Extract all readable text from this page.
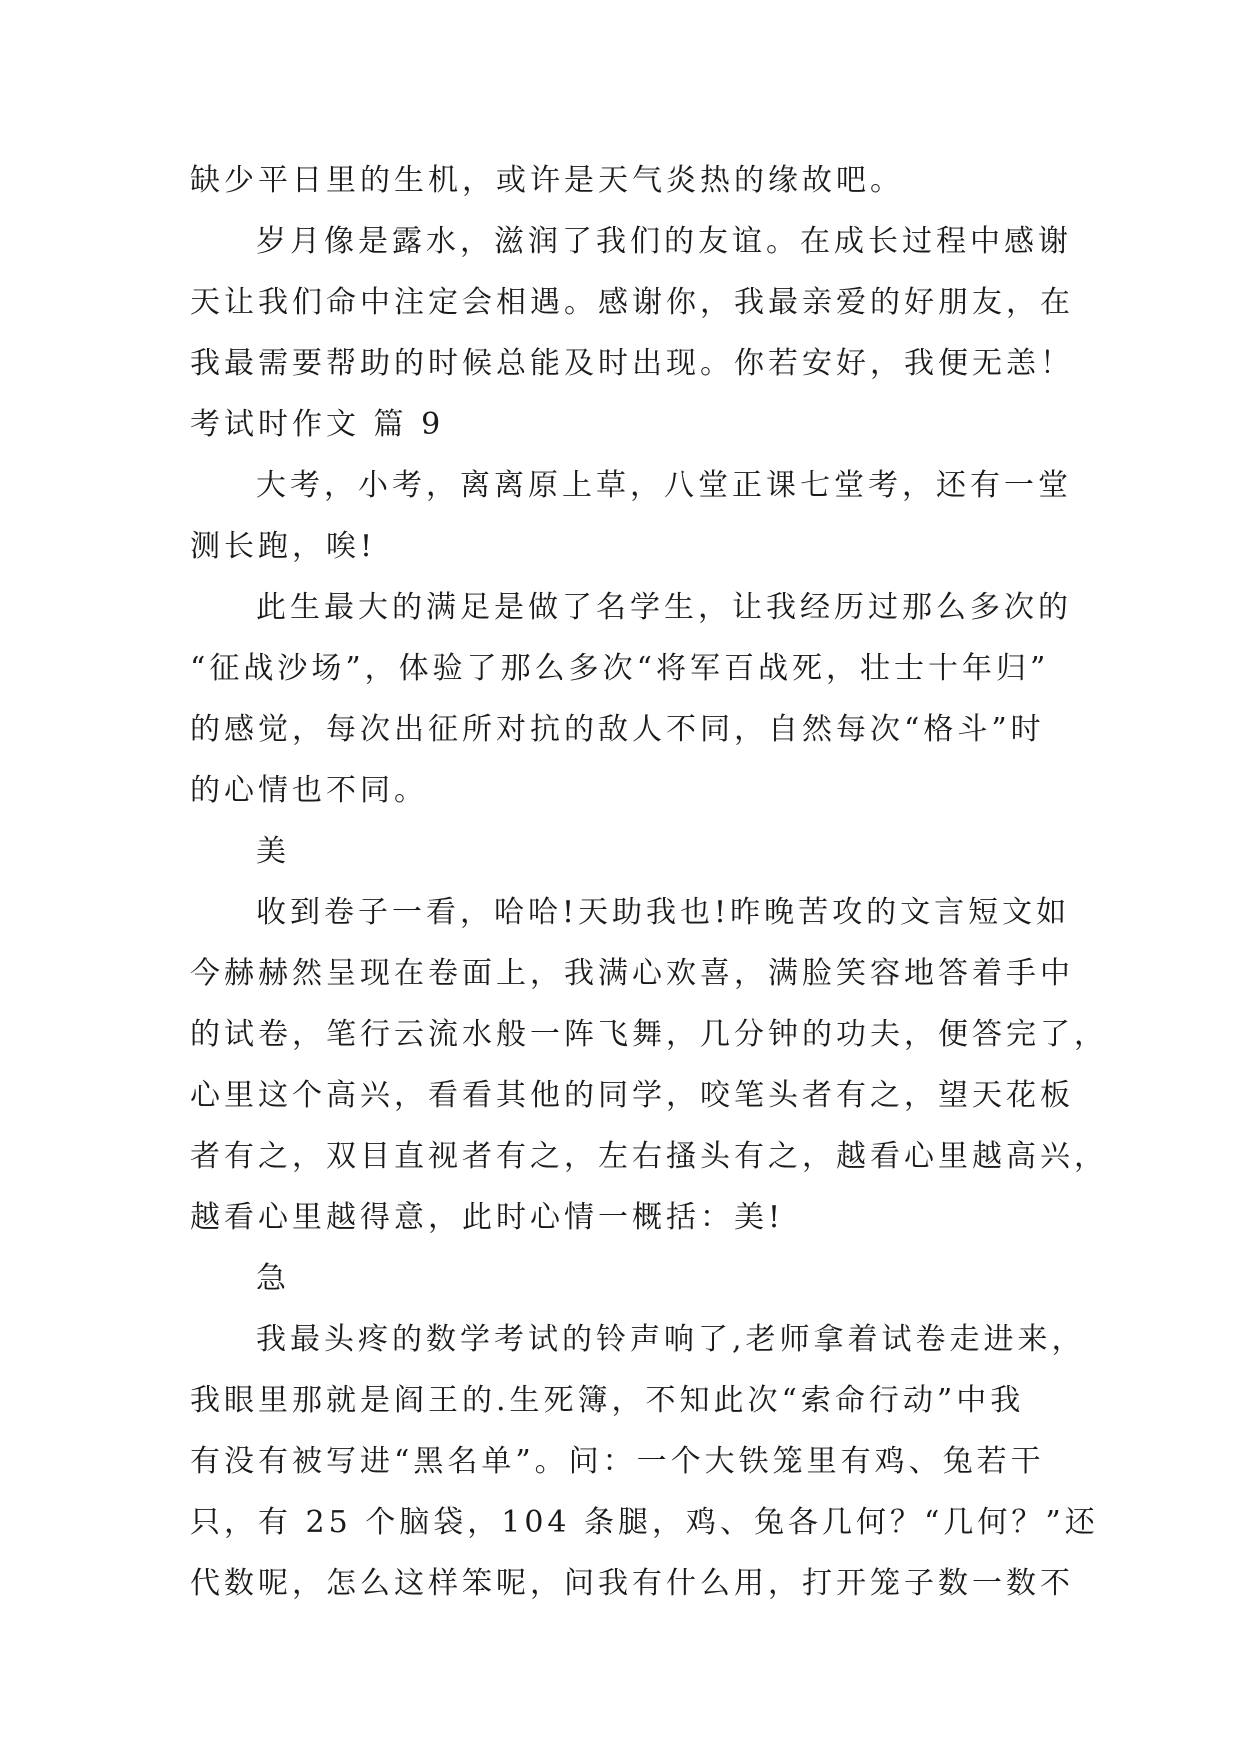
缺少平日里的生机，或许是天气炎热的缘故吧。
岁月像是露水，滋润了我们的友谊。在成长过程中感谢
天让我们命中注定会相遇。感谢你，我最亲爱的好朋友，在
我最需要帮助的时候总能及时出现。你若安好，我便无恙！
考试时作文 篇 9
大考，小考，离离原上草，八堂正课七堂考，还有一堂
测长跑，唉!
此生最大的满足是做了名学生，让我经历过那么多次的
“征战沙场”，体验了那么多次“将军百战死，壮士十年归”
的感觉，每次出征所对抗的敌人不同，自然每次“格斗”时
的心情也不同。
美
收到卷子一看，哈哈!天助我也!昨晚苦攻的文言短文如
今赫赫然呈现在卷面上，我满心欢喜，满脸笑容地答着手中
的试卷，笔行云流水般一阵飞舞，几分钟的功夫，便答完了，
心里这个高兴，看看其他的同学，咬笔头者有之，望天花板
者有之，双目直视者有之，左右搔头有之，越看心里越高兴，
越看心里越得意，此时心情一概括：美!
急
我最头疼的数学考试的铃声响了,老师拿着试卷走进来，
我眼里那就是阎王的.生死簿，不知此次“索命行动”中我
有没有被写进“黑名单”。问：一个大铁笼里有鸡、兔若干
只，有 25 个脑袋，104 条腿，鸡、兔各几何？“几何？”还
代数呢，怎么这样笨呢，问我有什么用，打开笼子数一数不
